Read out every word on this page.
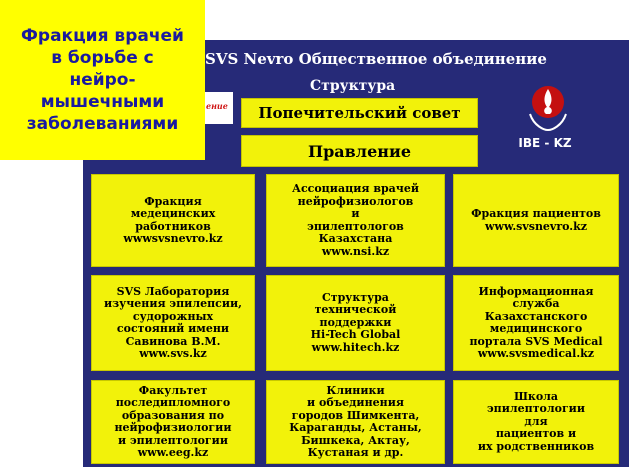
SVS Nevro Общественное объединение
Структура
ение Попечительский совет
Правление	IBE - KZ
Фракция
медецинских
работников
wwwsvsnevro.kz
Ассоциация врачей
нейрофизиологов
и
эпилептологов
Казахстана
www.nsi.kz
Фракция пациентов
www.svsnevro.kz
SVS Лаборатория
изучения эпилепсии,
судорожных
состояний имени
Савинова В.М.
www.svs.kz
Структура
технической
поддержки
Hi-Tech Global
www.hitech.kz
Информационная
служба
Казахстанского
медицинского
портала SVS Medical
www.svsmedical.kz
Факультет
последипломного
образования по
нейрофизиологии
и эпилептологии
www.eeg.kz
Клиники
и объединения
городов Шимкента,
Караганды, Астаны,
Бишкека, Актау,
Кустаная и др.
Школа
эпилептологии
для
пациентов и
их родственников
Фракция врачей
в борьбе с
нейро-
мышечными
заболеваниями
